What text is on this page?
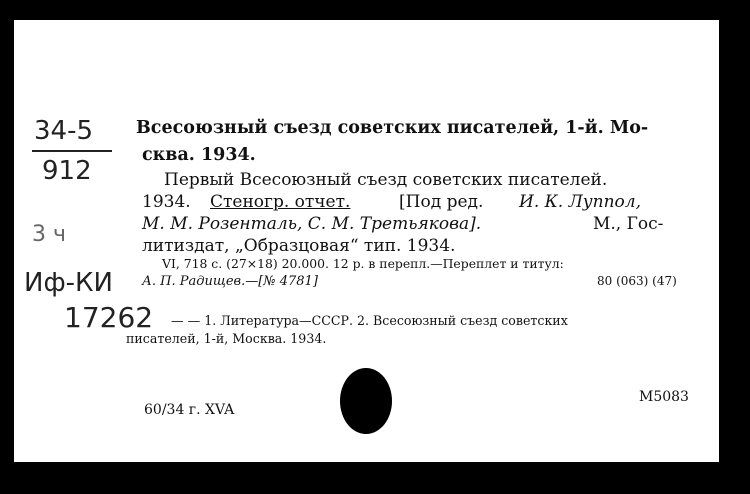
34-5
912
3 ч
Иф-КИ
17262
Всесоюзный съезд советских писателей, 1-й. Мо-
сква. 1934.
Первый Всесоюзный съезд советских писателей.
1934. Стеногр. отчет.	[Под ред. И. К. Луппол,
М. М. Розенталь, С. М. Третьякова].	М., Гос-
литиздат, „Образцовая“ тип. 1934.
VI, 718 с. (27×18) 20.000. 12 р. в перепл.—Переплет и титул:
А. П. Радищев.—[№ 4781]	80 (063) (47)
— — 1. Литература—СССР. 2. Всесоюзный съезд советских
писателей, 1-й, Москва. 1934.
60/34 г. XVA
М5083
